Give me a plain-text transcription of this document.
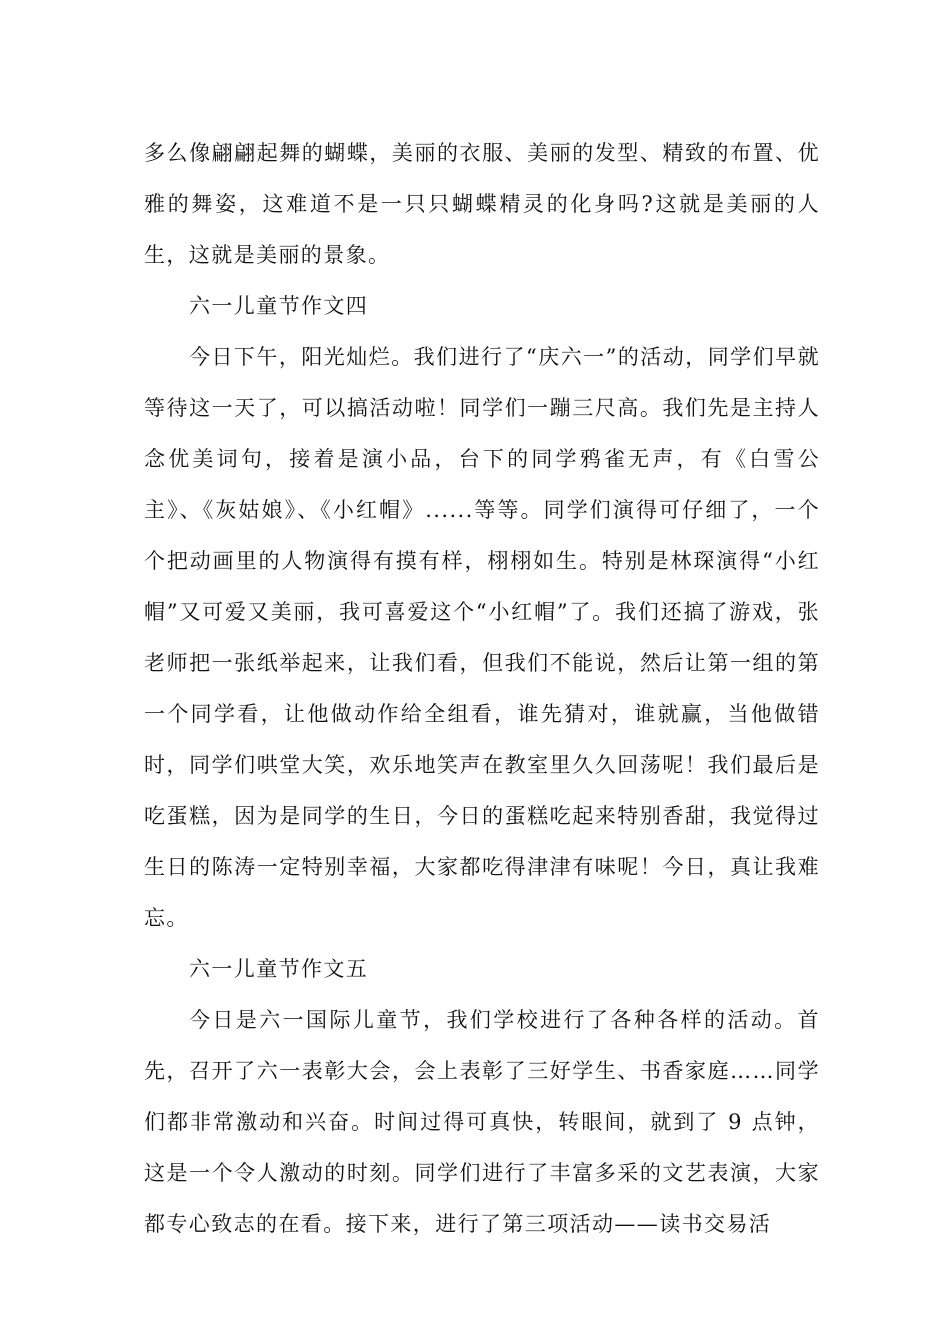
多么像翩翩起舞的蝴蝶，美丽的衣服、美丽的发型、精致的布置、优雅的舞姿，这难道不是一只只蝴蝶精灵的化身吗?这就是美丽的人生，这就是美丽的景象。

六一儿童节作文四

今日下午，阳光灿烂。我们进行了“庆六一”的活动，同学们早就等待这一天了，可以搞活动啦！同学们一蹦三尺高。我们先是主持人念优美词句，接着是演小品，台下的同学鸦雀无声，有《白雪公主》、《灰姑娘》、《小红帽》......等等。同学们演得可仔细了，一个个把动画里的人物演得有摸有样，栩栩如生。特别是林琛演得“小红帽”又可爱又美丽，我可喜爱这个“小红帽”了。我们还搞了游戏，张老师把一张纸举起来，让我们看，但我们不能说，然后让第一组的第一个同学看，让他做动作给全组看，谁先猜对，谁就赢，当他做错时，同学们哄堂大笑，欢乐地笑声在教室里久久回荡呢！我们最后是吃蛋糕，因为是同学的生日，今日的蛋糕吃起来特别香甜，我觉得过生日的陈涛一定特别幸福，大家都吃得津津有味呢！今日，真让我难忘。

六一儿童节作文五

今日是六一国际儿童节，我们学校进行了各种各样的活动。首先，召开了六一表彰大会，会上表彰了三好学生、书香家庭……同学们都非常激动和兴奋。时间过得可真快，转眼间，就到了 9 点钟，这是一个令人激动的时刻。同学们进行了丰富多采的文艺表演，大家都专心致志的在看。接下来，进行了第三项活动——读书交易活
